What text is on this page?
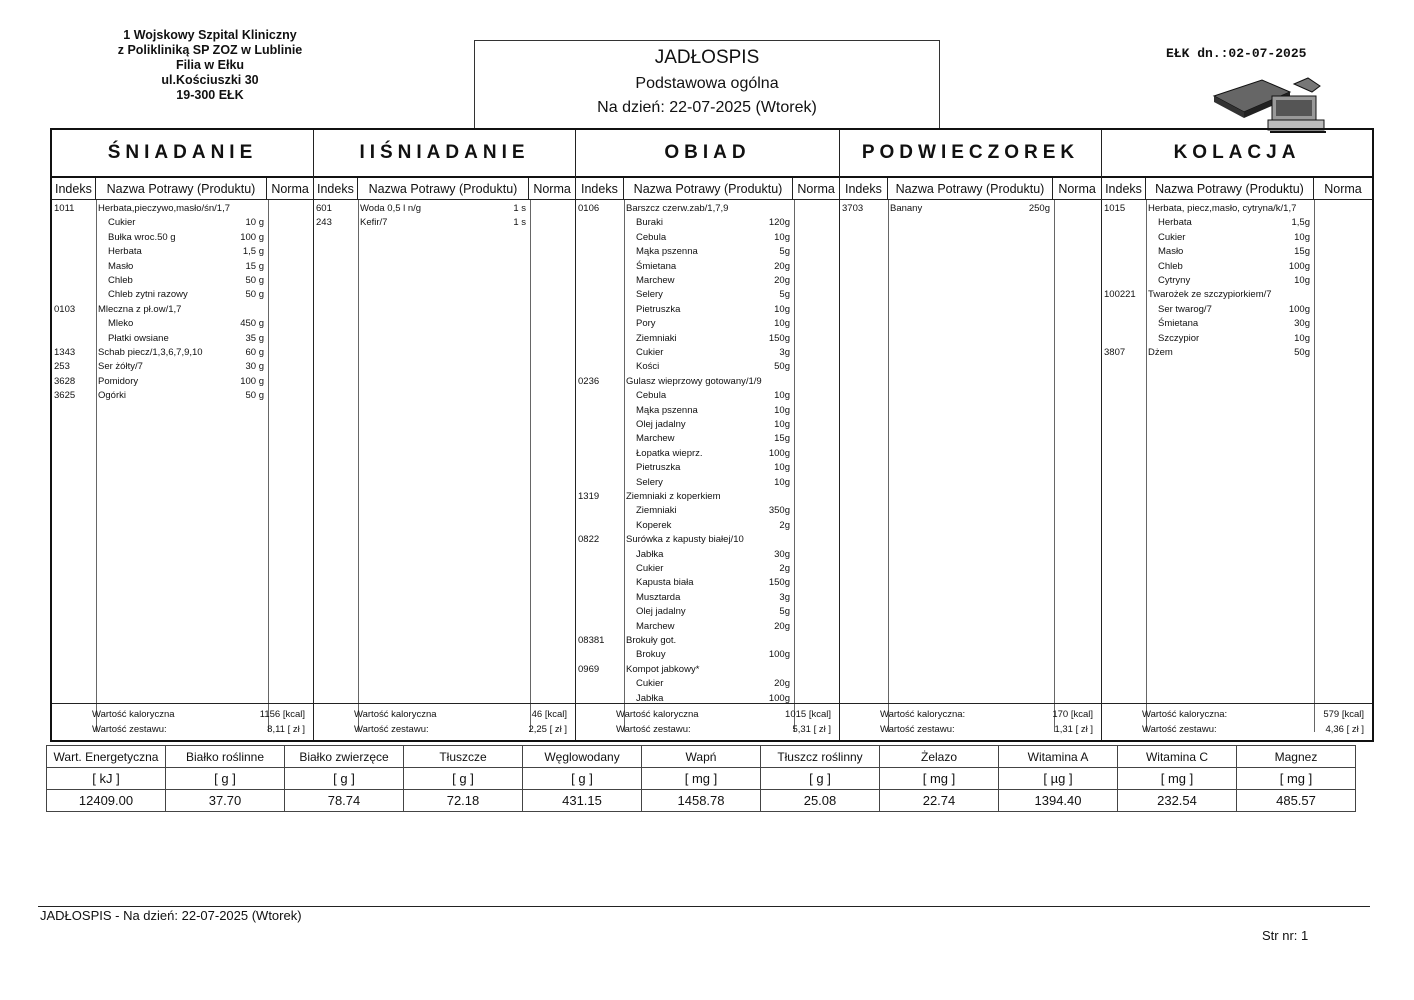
1 Wojskowy Szpital Kliniczny
z Polikliniką SP ZOZ w Lublinie
Filia w Ełku
ul.Kościuszki 30
19-300 EŁK
JADŁOSPIS
Podstawowa ogólna
Na dzień: 22-07-2025 (Wtorek)
EŁK dn.:02-07-2025
ŚNIADANIE
Indeks	Nazwa Potrawy (Produktu)	Norma
1011 Herbata,pieczywo,masło/śn/1,7
Cukier	10 g
Bułka wroc.50 g	100 g
Herbata	1,5 g
Masło	15 g
Chleb	50 g
Chleb zytni razowy	50 g
0103 Mleczna z pł.ow/1,7
Mleko	450 g
Płatki owsiane	35 g
1343 Schab piecz/1,3,6,7,9,10	60 g
253	Ser żółty/7	30 g
3628 Pomidory	100 g
3625 Ogórki	50 g
Wartość kaloryczna	1156 [kcal]
Wartość zestawu:	8,11 [ zł ]
IIŚNIADANIE
Indeks	Nazwa Potrawy (Produktu)	Norma
601	Woda 0,5 l n/g	1 s
243	Kefir/7	1 s
Wartość kaloryczna	46 [kcal]
Wartość zestawu:	2,25 [ zł ]
OBIAD
Indeks	Nazwa Potrawy (Produktu)	Norma
0106	Barszcz czerw.zab/1,7,9
Buraki	120g
Cebula	10g
Mąka pszenna	5g
Śmietana	20g
Marchew	20g
Selery	5g
Pietruszka	10g
Pory	10g
Ziemniaki	150g
Cukier	3g
Kości	50g
0236	Gulasz wieprzowy gotowany/1/9
Cebula	10g
Mąka pszenna	10g
Olej jadalny	10g
Marchew	15g
Łopatka wieprz.	100g
Pietruszka	10g
Selery	10g
1319	Ziemniaki z koperkiem
Ziemniaki	350g
Koperek	2g
0822	Surówka z kapusty białej/10
Jabłka	30g
Cukier	2g
Kapusta biała	150g
Musztarda	3g
Olej jadalny	5g
Marchew	20g
08381 Brokuły got.
Brokuy	100g
0969	Kompot jabkowy*
Cukier	20g
Jabłka	100g
Wartość kaloryczna	1015 [kcal]
Wartość zestawu:	5,31 [ zł ]
PODWIECZOREK
Indeks	Nazwa Potrawy (Produktu)	Norma
3703	Banany	250g
Wartość kaloryczna:	170 [kcal]
Wartość zestawu:	1,31 [ zł ]
KOLACJA
Indeks	Nazwa Potrawy (Produktu)	Norma
1015 Herbata, piecz,masło, cytryna/k/1,7
Herbata	1,5g
Cukier	10g
Masło	15g
Chleb	100g
Cytryny	10g
100221 Twarożek ze szczypiorkiem/7
Ser twarog/7	100g
Śmietana	30g
Szczypior	10g
3807 Dżem	50g
Wartość kaloryczna:	579 [kcal]
Wartość zestawu:	4,36 [ zł ]
Wart. Energetyczna	Białko roślinne	Białko zwierzęce	Tłuszcze	Węglowodany	Wapń	Tłuszcz roślinny	Żelazo	Witamina A	Witamina C	Magnez
[ kJ ]	[ g ]	[ g ]	[ g ]	[ g ]	[ mg ]	[ g ]	[ mg ]	[ µg ]	[ mg ]	[ mg ]
12409.00	37.70	78.74	72.18	431.15	1458.78	25.08	22.74	1394.40	232.54	485.57
JADŁOSPIS - Na dzień: 22-07-2025 (Wtorek)
Str nr: 1
